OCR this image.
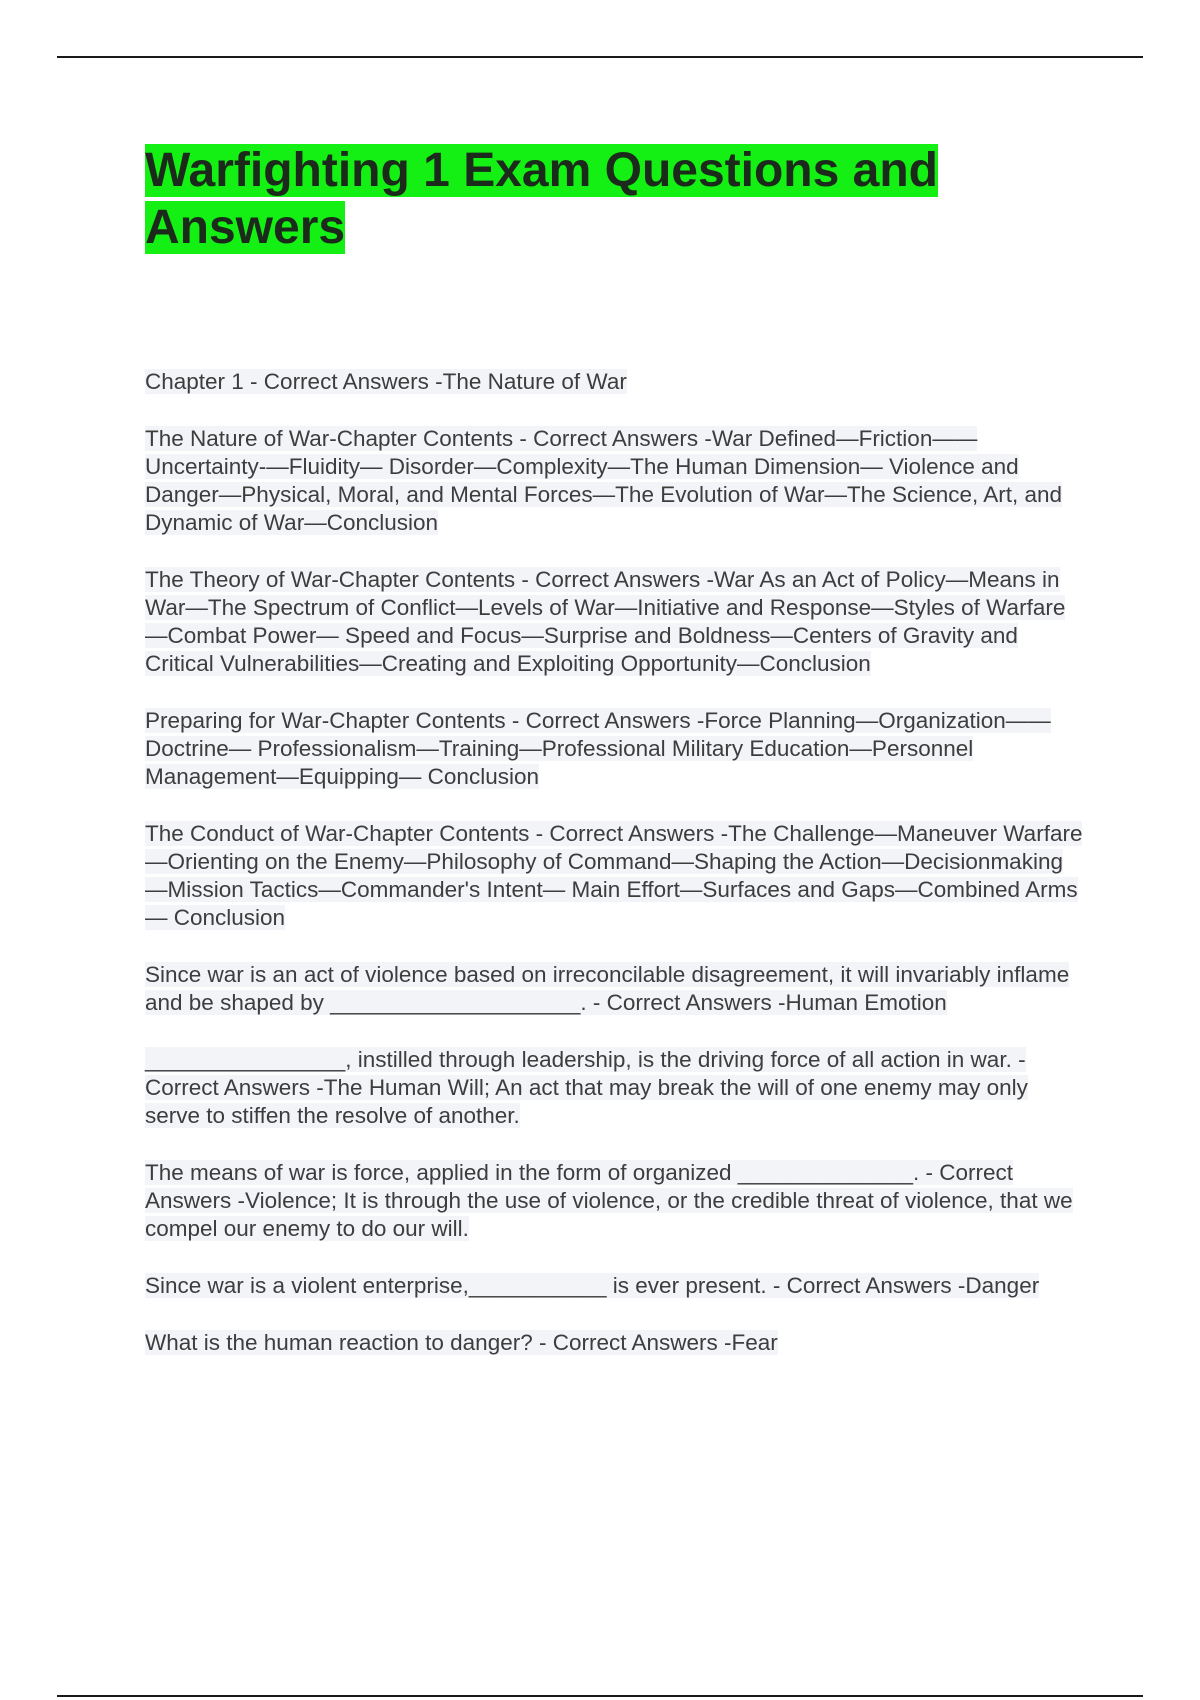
Warfighting 1 Exam Questions and Answers

Chapter 1 - Correct Answers -The Nature of War

The Nature of War-Chapter Contents - Correct Answers -War Defined—Friction——Uncertainty-—Fluidity— Disorder—Complexity—The Human Dimension— Violence and Danger—Physical, Moral, and Mental Forces—The Evolution of War—The Science, Art, and Dynamic of War—Conclusion

The Theory of War-Chapter Contents - Correct Answers -War As an Act of Policy—Means in War—The Spectrum of Conflict—Levels of War—Initiative and Response—Styles of Warfare—Combat Power— Speed and Focus—Surprise and Boldness—Centers of Gravity and Critical Vulnerabilities—Creating and Exploiting Opportunity—Conclusion

Preparing for War-Chapter Contents - Correct Answers -Force Planning—Organization——Doctrine— Professionalism—Training—Professional Military Education—Personnel Management—Equipping— Conclusion

The Conduct of War-Chapter Contents - Correct Answers -The Challenge—Maneuver Warfare—Orienting on the Enemy—Philosophy of Command—Shaping the Action—Decisionmaking—Mission Tactics—Commander's Intent— Main Effort—Surfaces and Gaps—Combined Arms— Conclusion

Since war is an act of violence based on irreconcilable disagreement, it will invariably inflame and be shaped by ____________________. - Correct Answers -Human Emotion

________________, instilled through leadership, is the driving force of all action in war. - Correct Answers -The Human Will; An act that may break the will of one enemy may only serve to stiffen the resolve of another.

The means of war is force, applied in the form of organized ______________. - Correct Answers -Violence; It is through the use of violence, or the credible threat of violence, that we compel our enemy to do our will.

Since war is a violent enterprise,___________ is ever present. - Correct Answers -Danger

What is the human reaction to danger? - Correct Answers -Fear
